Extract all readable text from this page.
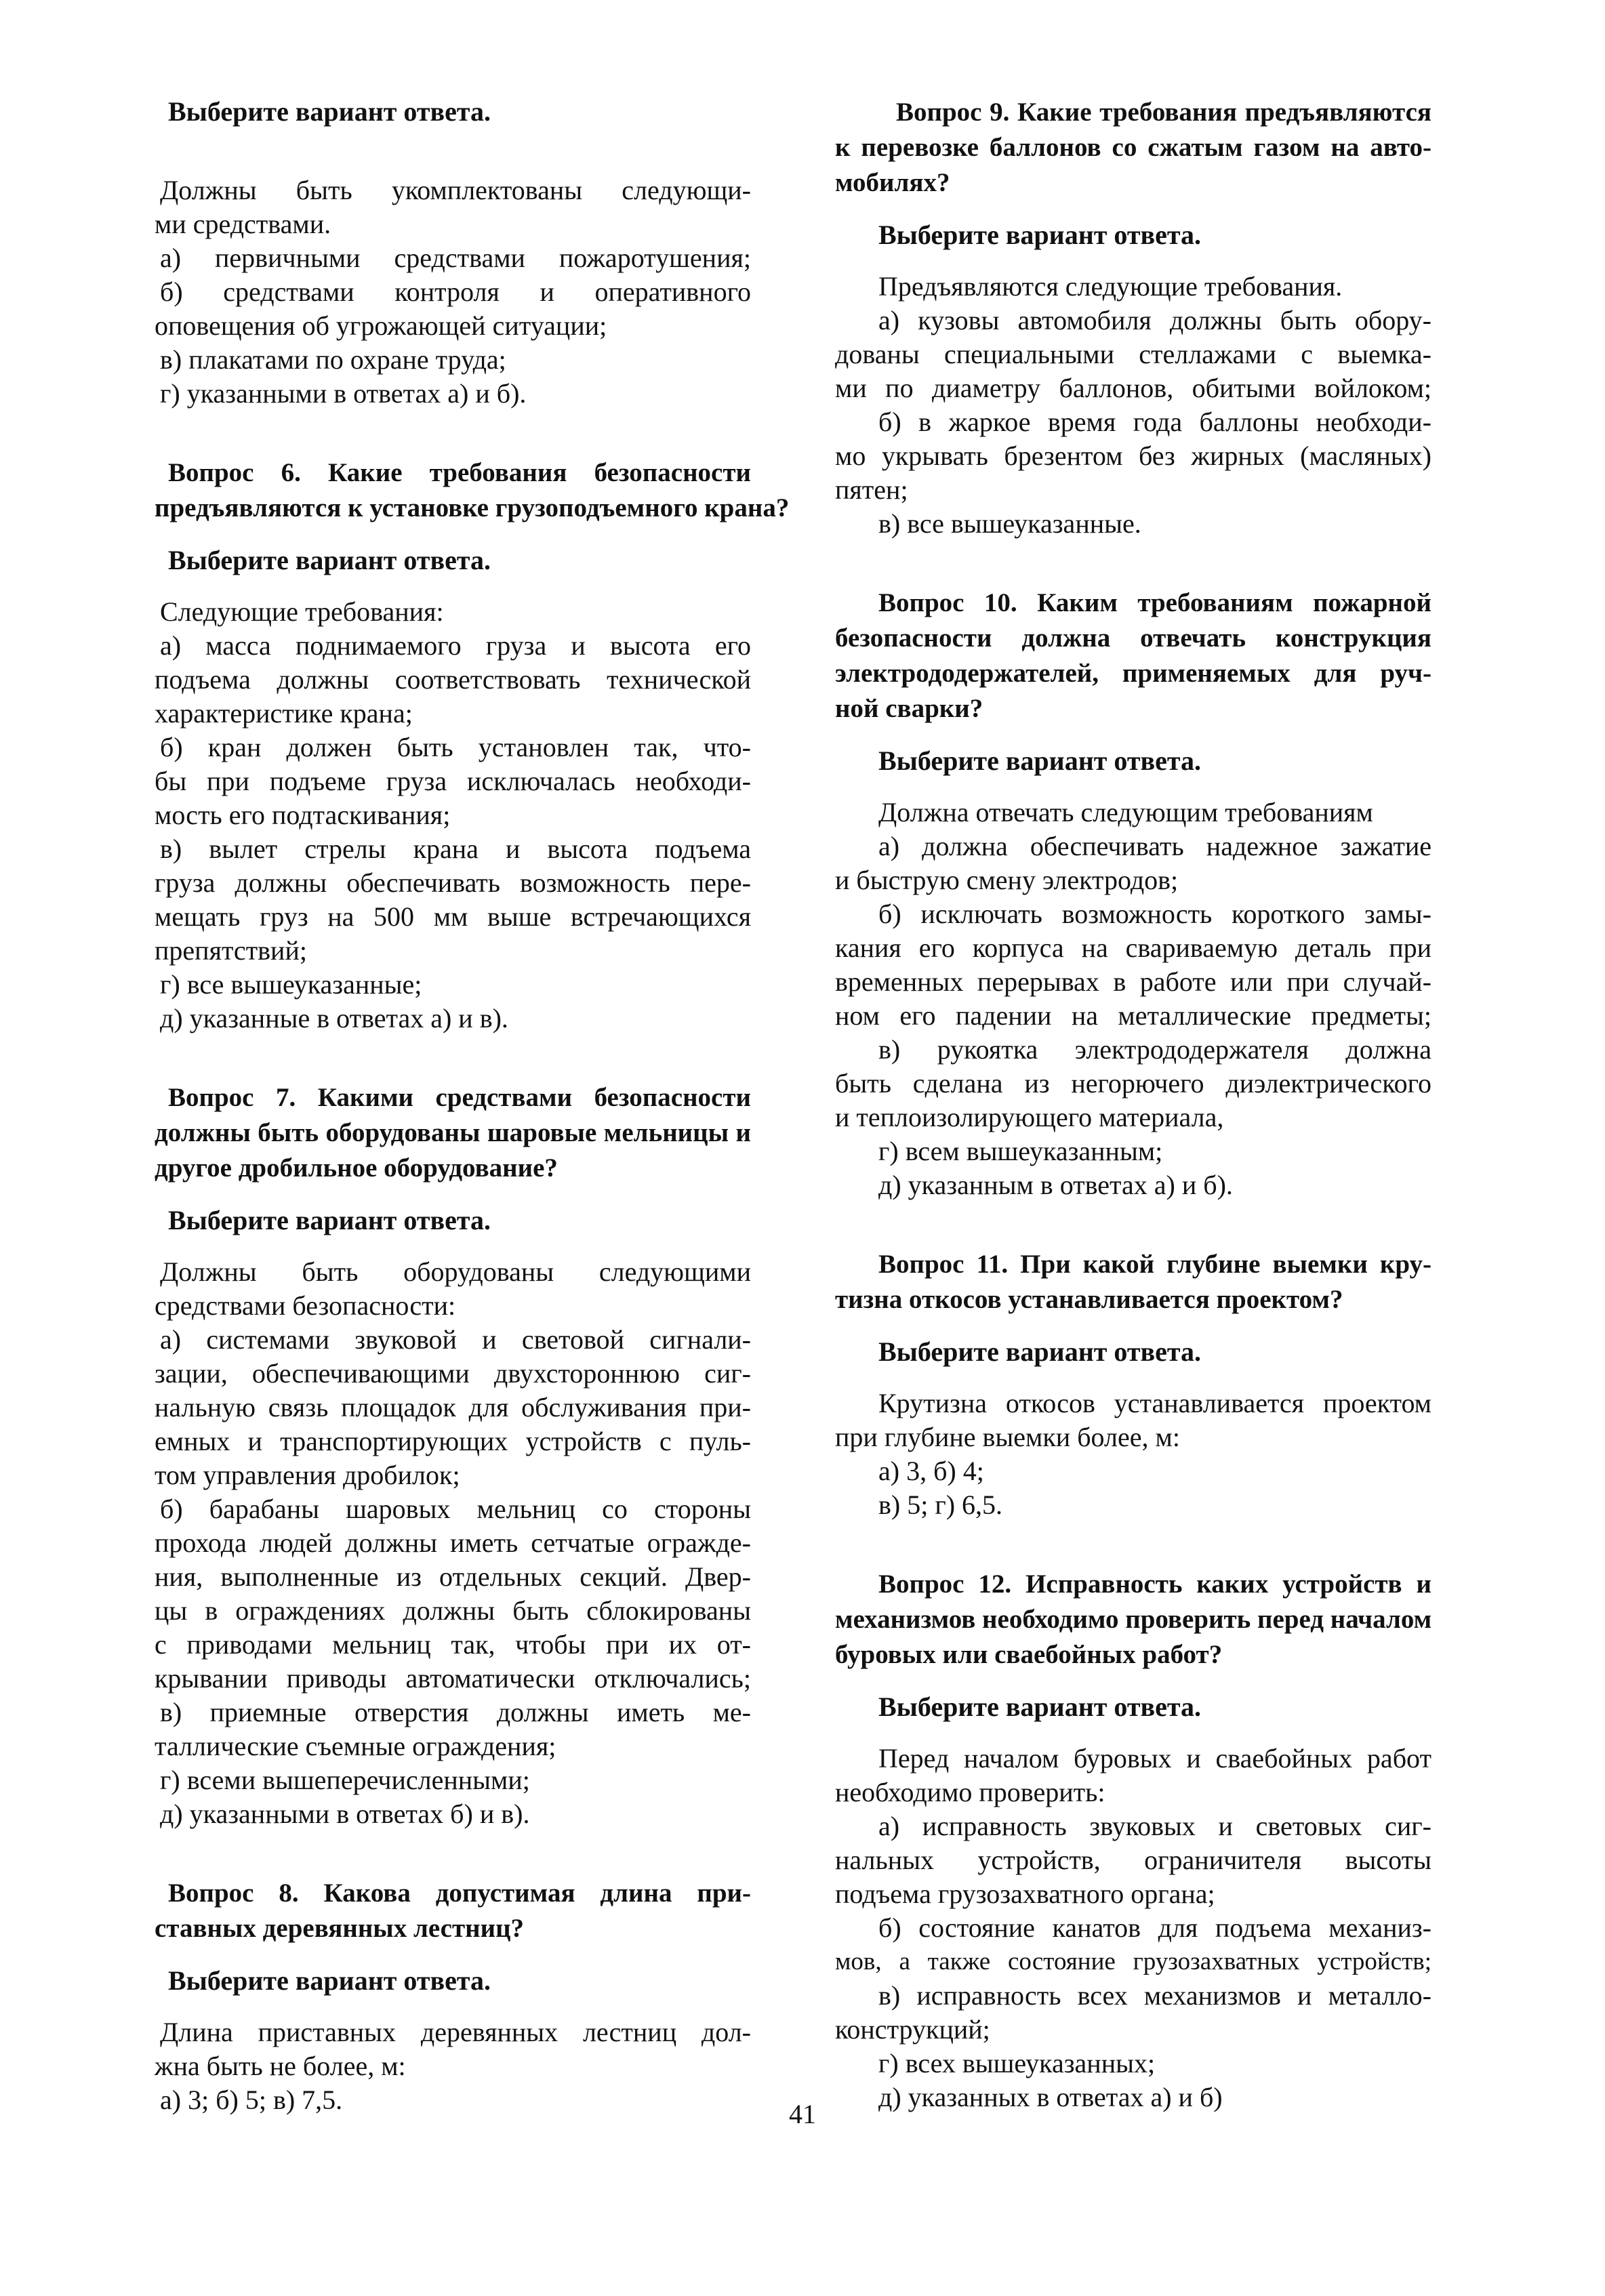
Выберите вариант ответа.
Должны быть укомплектованы следующи-
ми средствами.
а) первичными средствами пожаротушения;
б) средствами контроля и оперативного
оповещения об угрожающей ситуации;
в) плакатами по охране труда;
г) указанными в ответах а) и б).
Вопрос 6. Какие требования безопасности
предъявляются к установке грузоподъемного крана?
Выберите вариант ответа.
Следующие требования:
а) масса поднимаемого груза и высота его
подъема должны соответствовать технической
характеристике крана;
б) кран должен быть установлен так, что-
бы при подъеме груза исключалась необходи-
мость его подтаскивания;
в) вылет стрелы крана и высота подъема
груза должны обеспечивать возможность пере-
мещать груз на 500 мм выше встречающихся
препятствий;
г) все вышеуказанные;
д) указанные в ответах а) и в).
Вопрос 7. Какими средствами безопасности
должны быть оборудованы шаровые мельницы и
другое дробильное оборудование?
Выберите вариант ответа.
Должны быть оборудованы следующими
средствами безопасности:
а) системами звуковой и световой сигнали-
зации, обеспечивающими двухстороннюю сиг-
нальную связь площадок для обслуживания при-
емных и транспортирующих устройств с пуль-
том управления дробилок;
б) барабаны шаровых мельниц со стороны
прохода людей должны иметь сетчатые огражде-
ния, выполненные из отдельных секций. Двер-
цы в ограждениях должны быть сблокированы
с приводами мельниц так, чтобы при их от-
крывании приводы автоматически отключались;
в) приемные отверстия должны иметь ме-
таллические съемные ограждения;
г) всеми вышеперечисленными;
д) указанными в ответах б) и в).
Вопрос 8. Какова допустимая длина при-
ставных деревянных лестниц?
Выберите вариант ответа.
Длина приставных деревянных лестниц дол-
жна быть не более, м:
а) 3; б) 5; в) 7,5.
Вопрос 9. Какие требования предъявляются
к перевозке баллонов со сжатым газом на авто-
мобилях?
Выберите вариант ответа.
Предъявляются следующие требования.
а) кузовы автомобиля должны быть обору-
дованы специальными стеллажами с выемка-
ми по диаметру баллонов, обитыми войлоком;
б) в жаркое время года баллоны необходи-
мо укрывать брезентом без жирных (масляных)
пятен;
в) все вышеуказанные.
Вопрос 10. Каким требованиям пожарной
безопасности должна отвечать конструкция
электрододержателей, применяемых для руч-
ной сварки?
Выберите вариант ответа.
Должна отвечать следующим требованиям
а) должна обеспечивать надежное зажатие
и быструю смену электродов;
б) исключать возможность короткого замы-
кания его корпуса на свариваемую деталь при
временных перерывах в работе или при случай-
ном его падении на металлические предметы;
в) рукоятка электрододержателя должна
быть сделана из негорючего диэлектрического
и теплоизолирующего материала,
г) всем вышеуказанным;
д) указанным в ответах а) и б).
Вопрос 11. При какой глубине выемки кру-
тизна откосов устанавливается проектом?
Выберите вариант ответа.
Крутизна откосов устанавливается проектом
при глубине выемки более, м:
а) 3, б) 4;
в) 5; г) 6,5.
Вопрос 12. Исправность каких устройств и
механизмов необходимо проверить перед началом
буровых или сваебойных работ?
Выберите вариант ответа.
Перед началом буровых и сваебойных работ
необходимо проверить:
а) исправность звуковых и световых сиг-
нальных устройств, ограничителя высоты
подъема грузозахватного органа;
б) состояние канатов для подъема механиз-
мов, а также состояние грузозахватных устройств;
в) исправность всех механизмов и металло-
конструкций;
г) всех вышеуказанных;
д) указанных в ответах а) и б)
41
